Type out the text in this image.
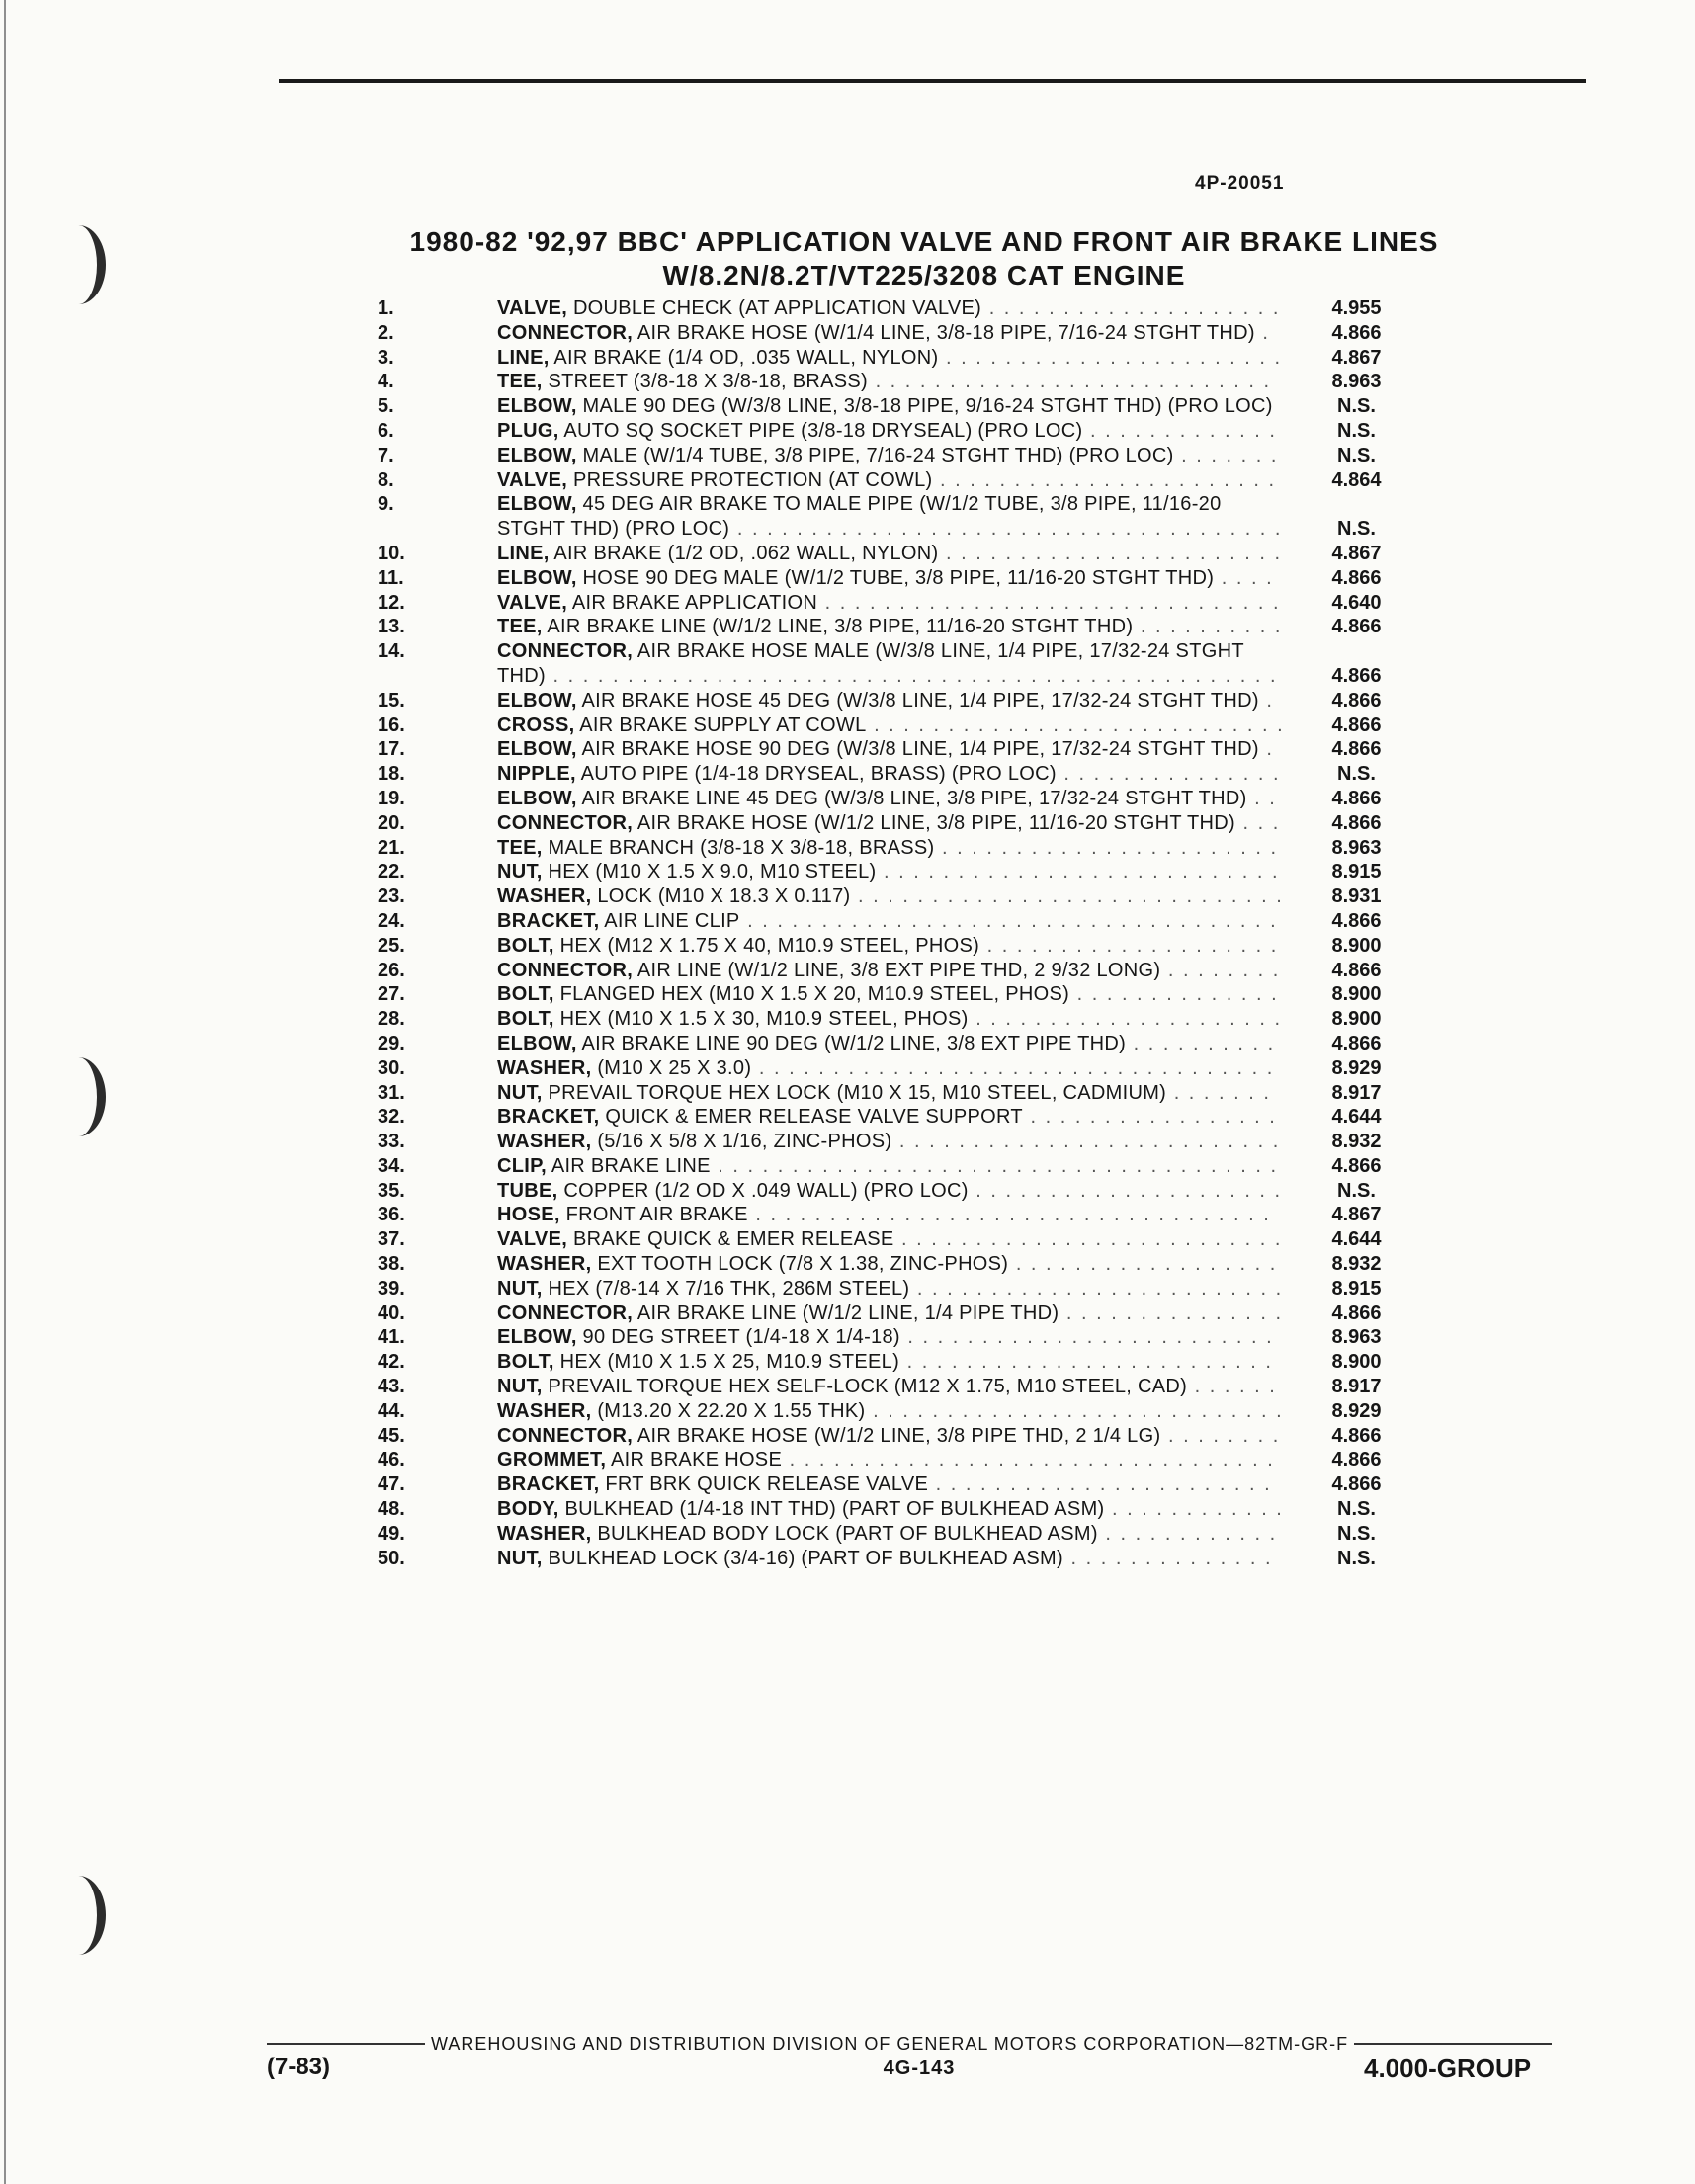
4P-20051
1980-82 '92,97 BBC' APPLICATION VALVE AND FRONT AIR BRAKE LINES
W/8.2N/8.2T/VT225/3208 CAT ENGINE
1.	VALVE, DOUBLE CHECK (AT APPLICATION VALVE) . . . . . . . . . . . . . . . . . . . .	4.955
2.	CONNECTOR, AIR BRAKE HOSE (W/1/4 LINE, 3/8-18 PIPE, 7/16-24 STGHT THD) .	4.866
3.	LINE, AIR BRAKE (1/4 OD, .035 WALL, NYLON) . . . . . . . . . . . . . . . . . . . . . . .	4.867
4.	TEE, STREET (3/8-18 X 3/8-18, BRASS) . . . . . . . . . . . . . . . . . . . . . . . . . . .	8.963
5.	ELBOW, MALE 90 DEG (W/3/8 LINE, 3/8-18 PIPE, 9/16-24 STGHT THD) (PRO LOC)	N.S.
6.	PLUG, AUTO SQ SOCKET PIPE (3/8-18 DRYSEAL) (PRO LOC) . . . . . . . . . . . . .	N.S.
7.	ELBOW, MALE (W/1/4 TUBE, 3/8 PIPE, 7/16-24 STGHT THD) (PRO LOC) . . . . . . .	N.S.
8.	VALVE, PRESSURE PROTECTION (AT COWL) . . . . . . . . . . . . . . . . . . . . . . .	4.864
9.	ELBOW, 45 DEG AIR BRAKE TO MALE PIPE (W/1/2 TUBE, 3/8 PIPE, 11/16-20 STGHT THD) (PRO LOC) . . . . . . . . . . . . . . . . . . . . . . . . . . . . . . . . . . . . .	N.S.
10.	LINE, AIR BRAKE (1/2 OD, .062 WALL, NYLON) . . . . . . . . . . . . . . . . . . . . . . .	4.867
11.	ELBOW, HOSE 90 DEG MALE (W/1/2 TUBE, 3/8 PIPE, 11/16-20 STGHT THD) . . . .	4.866
12.	VALVE, AIR BRAKE APPLICATION . . . . . . . . . . . . . . . . . . . . . . . . . . . . . . .	4.640
13.	TEE, AIR BRAKE LINE (W/1/2 LINE, 3/8 PIPE, 11/16-20 STGHT THD) . . . . . . . . . .	4.866
14.	CONNECTOR, AIR BRAKE HOSE MALE (W/3/8 LINE, 1/4 PIPE, 17/32-24 STGHT THD) . . . . . . . . . . . . . . . . . . . . . . . . . . . . . . . . . . . . . . . . . . . . . . . . .	4.866
15.	ELBOW, AIR BRAKE HOSE 45 DEG (W/3/8 LINE, 1/4 PIPE, 17/32-24 STGHT THD) .	4.866
16.	CROSS, AIR BRAKE SUPPLY AT COWL . . . . . . . . . . . . . . . . . . . . . . . . . . . .	4.866
17.	ELBOW, AIR BRAKE HOSE 90 DEG (W/3/8 LINE, 1/4 PIPE, 17/32-24 STGHT THD) .	4.866
18.	NIPPLE, AUTO PIPE (1/4-18 DRYSEAL, BRASS) (PRO LOC) . . . . . . . . . . . . . . .	N.S.
19.	ELBOW, AIR BRAKE LINE 45 DEG (W/3/8 LINE, 3/8 PIPE, 17/32-24 STGHT THD) . .	4.866
20.	CONNECTOR, AIR BRAKE HOSE (W/1/2 LINE, 3/8 PIPE, 11/16-20 STGHT THD) . . .	4.866
21.	TEE, MALE BRANCH (3/8-18 X 3/8-18, BRASS) . . . . . . . . . . . . . . . . . . . . . . .	8.963
22.	NUT, HEX (M10 X 1.5 X 9.0, M10 STEEL) . . . . . . . . . . . . . . . . . . . . . . . . . . .	8.915
23.	WASHER, LOCK (M10 X 18.3 X 0.117) . . . . . . . . . . . . . . . . . . . . . . . . . . . . .	8.931
24.	BRACKET, AIR LINE CLIP . . . . . . . . . . . . . . . . . . . . . . . . . . . . . . . . . . . .	4.866
25.	BOLT, HEX (M12 X 1.75 X 40, M10.9 STEEL, PHOS) . . . . . . . . . . . . . . . . . . . .	8.900
26.	CONNECTOR, AIR LINE (W/1/2 LINE, 3/8 EXT PIPE THD, 2 9/32 LONG) . . . . . . . .	4.866
27.	BOLT, FLANGED HEX (M10 X 1.5 X 20, M10.9 STEEL, PHOS) . . . . . . . . . . . . . .	8.900
28.	BOLT, HEX (M10 X 1.5 X 30, M10.9 STEEL, PHOS) . . . . . . . . . . . . . . . . . . . . .	8.900
29.	ELBOW, AIR BRAKE LINE 90 DEG (W/1/2 LINE, 3/8 EXT PIPE THD) . . . . . . . . . .	4.866
30.	WASHER, (M10 X 25 X 3.0) . . . . . . . . . . . . . . . . . . . . . . . . . . . . . . . . . . .	8.929
31.	NUT, PREVAIL TORQUE HEX LOCK (M10 X 15, M10 STEEL, CADMIUM) . . . . . . .	8.917
32.	BRACKET, QUICK & EMER RELEASE VALVE SUPPORT . . . . . . . . . . . . . . . . .	4.644
33.	WASHER, (5/16 X 5/8 X 1/16, ZINC-PHOS) . . . . . . . . . . . . . . . . . . . . . . . . . .	8.932
34.	CLIP, AIR BRAKE LINE . . . . . . . . . . . . . . . . . . . . . . . . . . . . . . . . . . . . . .	4.866
35.	TUBE, COPPER (1/2 OD X .049 WALL) (PRO LOC) . . . . . . . . . . . . . . . . . . . . .	N.S.
36.	HOSE, FRONT AIR BRAKE . . . . . . . . . . . . . . . . . . . . . . . . . . . . . . . . . . .	4.867
37.	VALVE, BRAKE QUICK & EMER RELEASE . . . . . . . . . . . . . . . . . . . . . . . . . .	4.644
38.	WASHER, EXT TOOTH LOCK (7/8 X 1.38, ZINC-PHOS) . . . . . . . . . . . . . . . . . .	8.932
39.	NUT, HEX (7/8-14 X 7/16 THK, 286M STEEL) . . . . . . . . . . . . . . . . . . . . . . . . .	8.915
40.	CONNECTOR, AIR BRAKE LINE (W/1/2 LINE, 1/4 PIPE THD) . . . . . . . . . . . . . . .	4.866
41.	ELBOW, 90 DEG STREET (1/4-18 X 1/4-18) . . . . . . . . . . . . . . . . . . . . . . . . .	8.963
42.	BOLT, HEX (M10 X 1.5 X 25, M10.9 STEEL) . . . . . . . . . . . . . . . . . . . . . . . . .	8.900
43.	NUT, PREVAIL TORQUE HEX SELF-LOCK (M12 X 1.75, M10 STEEL, CAD) . . . . . .	8.917
44.	WASHER, (M13.20 X 22.20 X 1.55 THK) . . . . . . . . . . . . . . . . . . . . . . . . . . . .	8.929
45.	CONNECTOR, AIR BRAKE HOSE (W/1/2 LINE, 3/8 PIPE THD, 2 1/4 LG) . . . . . . . .	4.866
46.	GROMMET, AIR BRAKE HOSE . . . . . . . . . . . . . . . . . . . . . . . . . . . . . . . . .	4.866
47.	BRACKET, FRT BRK QUICK RELEASE VALVE . . . . . . . . . . . . . . . . . . . . . . .	4.866
48.	BODY, BULKHEAD (1/4-18 INT THD) (PART OF BULKHEAD ASM) . . . . . . . . . . . .	N.S.
49.	WASHER, BULKHEAD BODY LOCK (PART OF BULKHEAD ASM) . . . . . . . . . . . .	N.S.
50.	NUT, BULKHEAD LOCK (3/4-16) (PART OF BULKHEAD ASM) . . . . . . . . . . . . . .	N.S.
WAREHOUSING AND DISTRIBUTION DIVISION OF GENERAL MOTORS CORPORATION—82TM-GR-F
(7-83)	4G-143	4.000-GROUP
